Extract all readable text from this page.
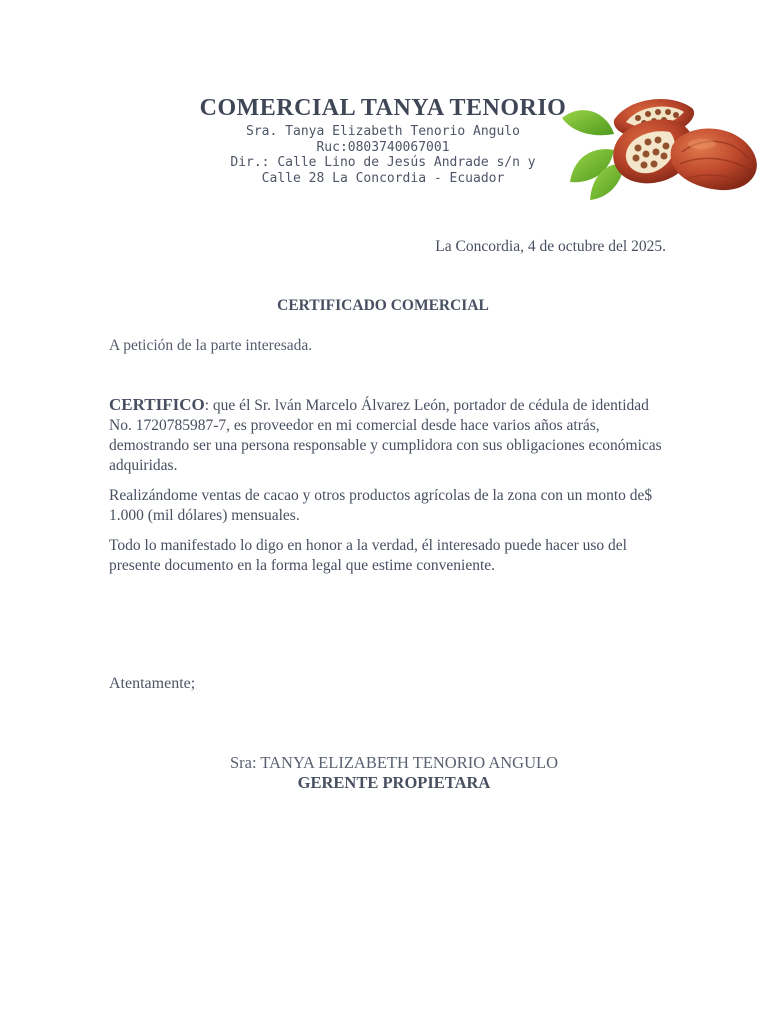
COMERCIAL TANYA TENORIO
Sra. Tanya Elizabeth Tenorio Angulo
Ruc:0803740067001
Dir.: Calle Lino de Jesús Andrade s/n y
Calle 28 La Concordia - Ecuador
La Concordia, 4 de octubre del 2025.
CERTIFICADO COMERCIAL
A petición de la parte interesada.

CERTIFICO: que él Sr. lván Marcelo Álvarez León, portador de cédula de identidad No. 1720785987-7, es proveedor en mi comercial desde hace varios años atrás, demostrando ser una persona responsable y cumplidora con sus obligaciones económicas adquiridas.

Realizándome ventas de cacao y otros productos agrícolas de la zona con un monto de$ 1.000 (mil dólares) mensuales.

Todo lo manifestado lo digo en honor a la verdad, él interesado puede hacer uso del presente documento en la forma legal que estime conveniente.

Atentamente;
Sra: TANYA ELIZABETH TENORIO ANGULO
GERENTE PROPIETARA
